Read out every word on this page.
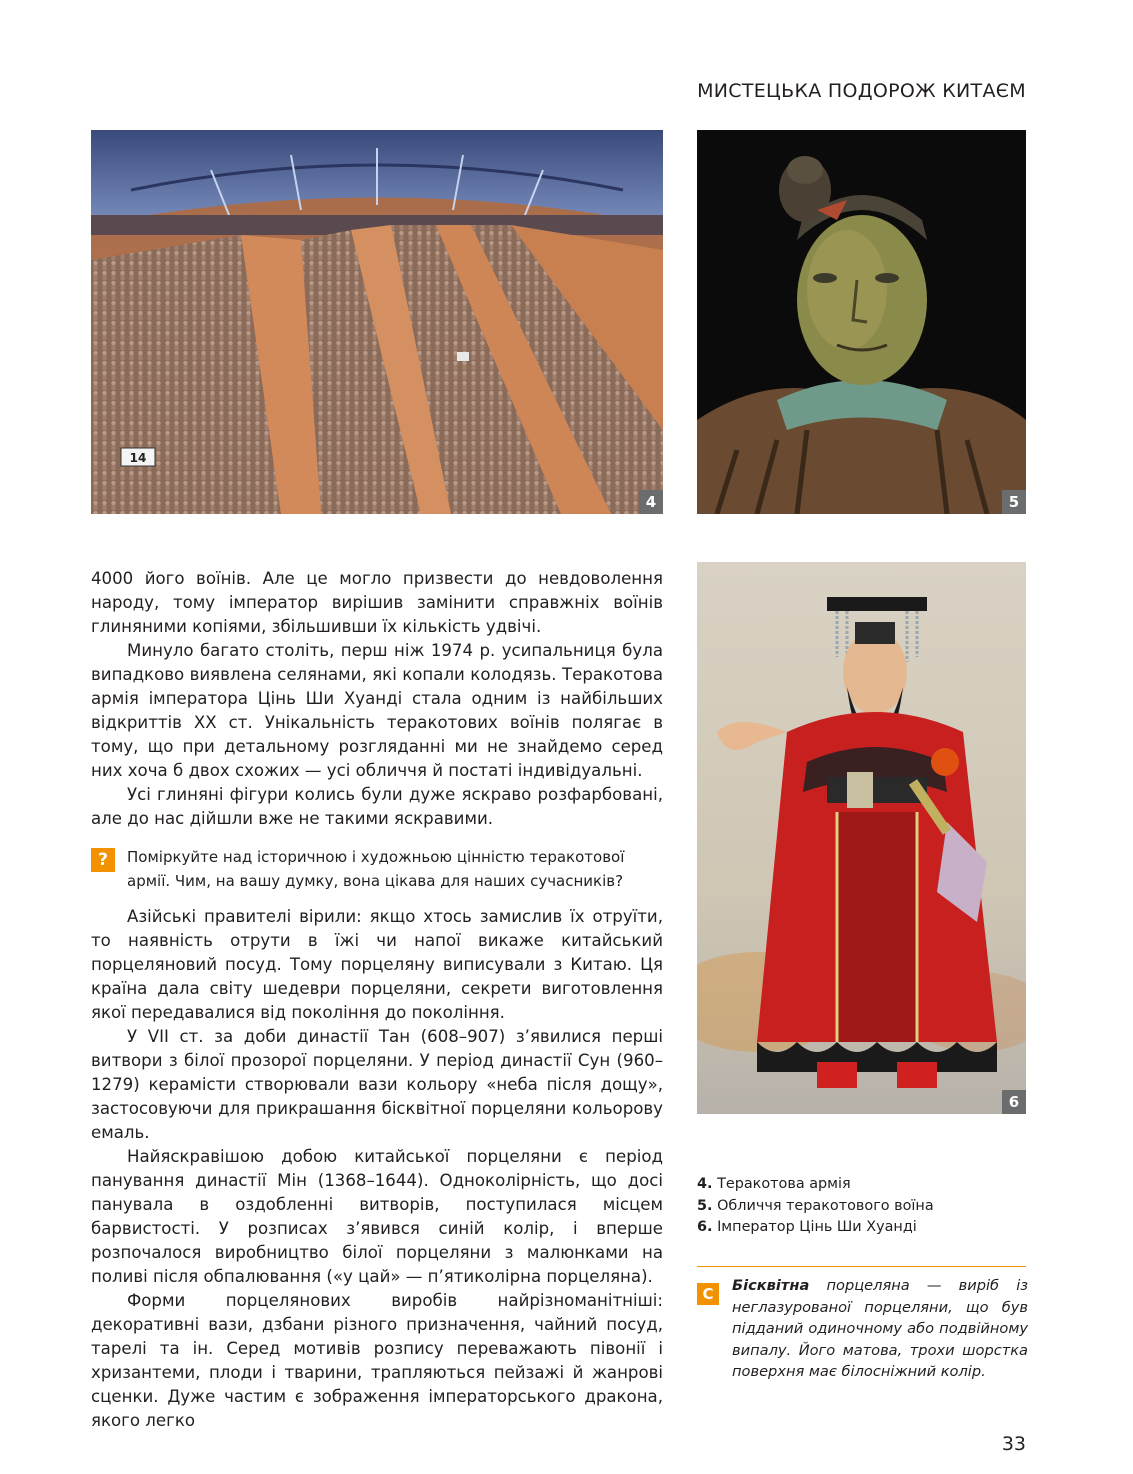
МИСТЕЦЬКА ПОДОРОЖ КИТАЄМ
14
4	5
6

4000 його воїнів. Але це могло призвести до невдоволення народу, тому імператор вирішив замінити справжніх воїнів глиняними копіями, збільшивши їх кількість удвічі.

Минуло багато століть, перш ніж 1974 р. усипальниця була випадково виявлена селянами, які копали колодязь. Теракотова армія імператора Цінь Ши Хуанді стала одним із найбільших відкриттів XX ст. Унікальність теракотових воїнів полягає в тому, що при детальному розгляданні ми не знайдемо серед них хоча б двох схожих — усі обличчя й постаті індивідуальні.

Усі глиняні фігури колись були дуже яскраво розфарбовані, але до нас дійшли вже не такими яскравими.

?	Поміркуйте над історичною і художньою цінністю теракотової армії. Чим, на вашу думку, вона цікава для наших сучасників?

Азійські правителі вірили: якщо хтось замислив їх отруїти, то наявність отрути в їжі чи напої викаже китайський порцеляновий посуд. Тому порцеляну виписували з Китаю. Ця країна дала світу шедеври порцеляни, секрети виготовлення якої передавалися від покоління до покоління.

У VII ст. за доби династії Тан (608–907) з’явилися перші витвори з білої прозорої порцеляни. У період династії Сун (960–1279) керамісти створювали вази кольору «неба після дощу», застосовуючи для прикрашання бісквітної порцеляни кольорову емаль.

Найяскравішою добою китайської порцеляни є період панування династії Мін (1368–1644). Одноколірність, що досі панувала в оздобленні витворів, поступилася місцем барвистості. У розписах з’явився синій колір, і вперше розпочалося виробництво білої порцеляни з малюнками на поливі після обпалювання («у цай» — п’ятиколірна порцеляна).

Форми порцелянових виробів найрізноманітніші: декоративні вази, дзбани різного призначення, чайний посуд, тарелі та ін. Серед мотивів розпису переважають півонії і хризантеми, плоди і тварини, трапляються пейзажі й жанрові сценки. Дуже частим є зображення імператорського дракона, якого легко

4. Теракотова армія
5. Обличчя теракотового воїна
6. Імператор Цінь Ши Хуанді
С	Бісквітна порцеляна — виріб із неглазурованої порцеляни, що був підданий одиночному або подвійному випалу. Його матова, трохи шорстка поверхня має білосніжний колір.

33
